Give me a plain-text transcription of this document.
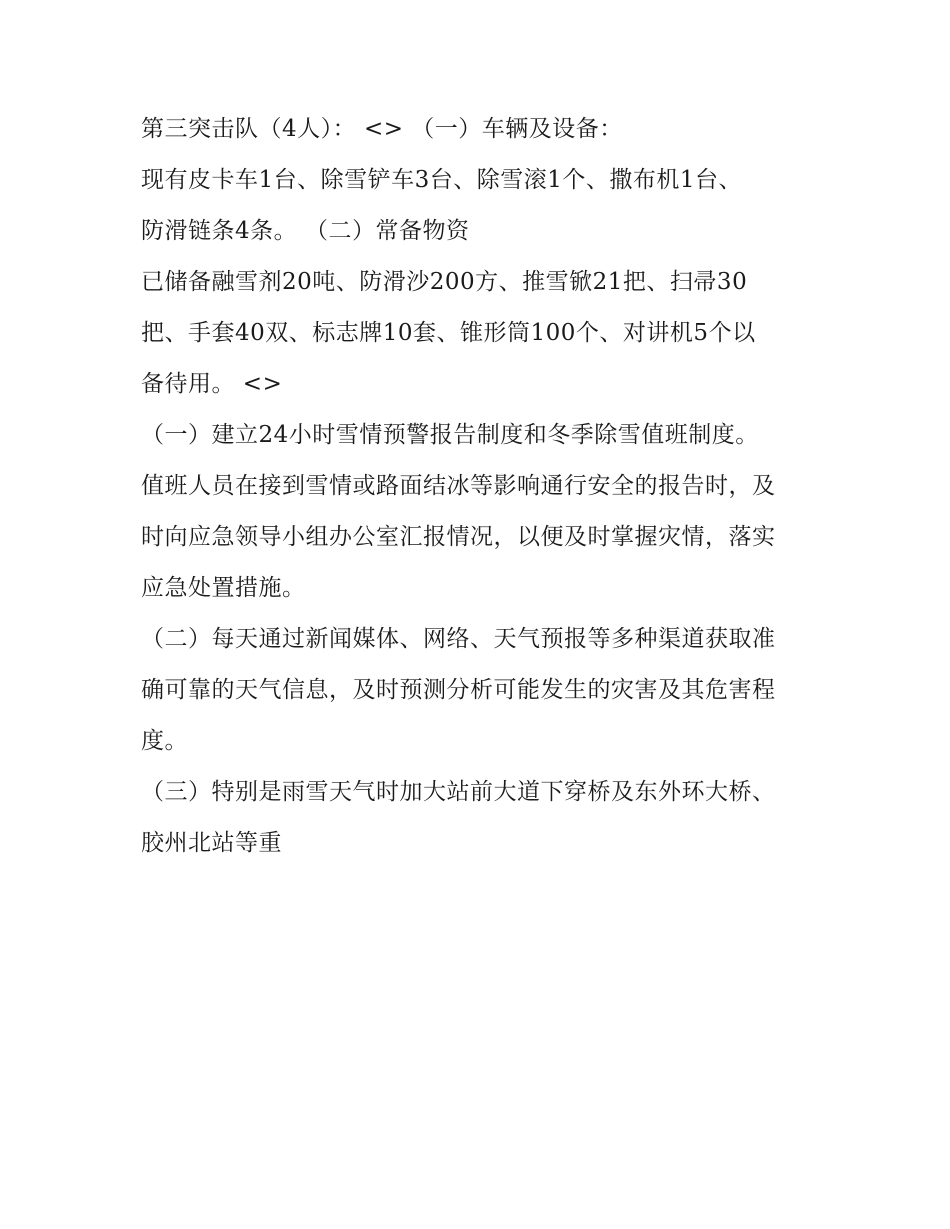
第三突击队（4人）： <> （一）车辆及设备：
现有皮卡车1台、除雪铲车3台、除雪滚1个、撒布机1台、
防滑链条4条。 （二）常备物资
已储备融雪剂20吨、防滑沙200方、推雪锨21把、扫帚30
把、手套40双、标志牌10套、锥形筒100个、对讲机5个以
备待用。 <>
（一）建立24小时雪情预警报告制度和冬季除雪值班制度。
值班人员在接到雪情或路面结冰等影响通行安全的报告时，及
时向应急领导小组办公室汇报情况，以便及时掌握灾情，落实
应急处置措施。
（二）每天通过新闻媒体、网络、天气预报等多种渠道获取准
确可靠的天气信息，及时预测分析可能发生的灾害及其危害程
度。
（三）特别是雨雪天气时加大站前大道下穿桥及东外环大桥、
胶州北站等重
